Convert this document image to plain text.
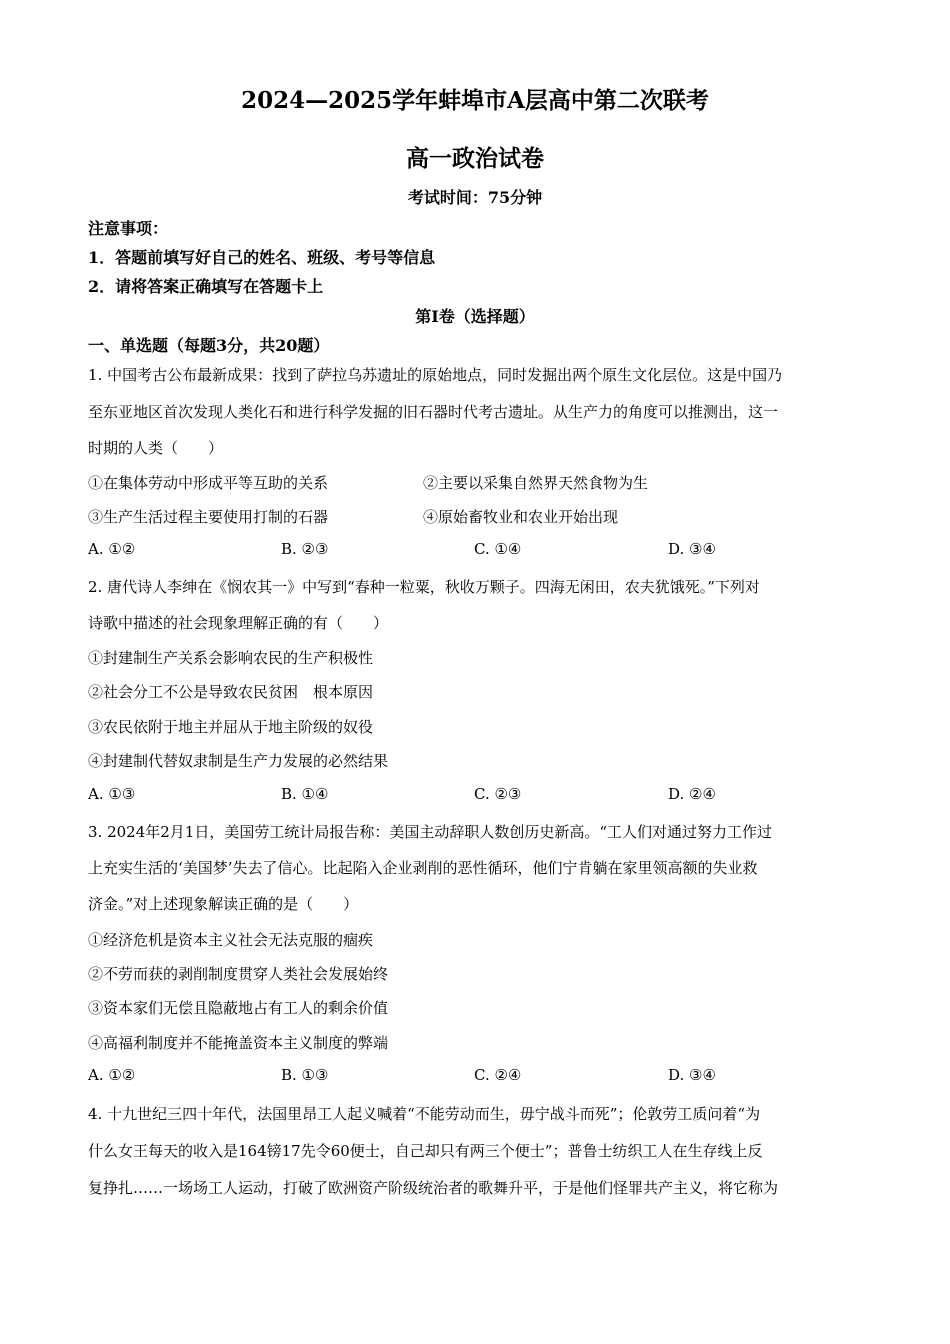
2024—2025学年蚌埠市A层高中第二次联考
高一政治试卷
考试时间：75分钟
注意事项：
1．答题前填写好自己的姓名、班级、考号等信息
2．请将答案正确填写在答题卡上
第Ⅰ卷（选择题）
一、单选题（每题3分，共20题）
1. 中国考古公布最新成果：找到了萨拉乌苏遗址的原始地点，同时发掘出两个原生文化层位。这是中国乃
至东亚地区首次发现人类化石和进行科学发掘的旧石器时代考古遗址。从生产力的角度可以推测出，这一
时期的人类（　　）
①在集体劳动中形成平等互助的关系	②主要以采集自然界天然食物为生
③生产生活过程主要使用打制的石器	④原始畜牧业和农业开始出现
A. ①②	B. ②③	C. ①④	D. ③④
2. 唐代诗人李绅在《悯农其一》中写到“春种一粒粟，秋收万颗子。四海无闲田，农夫犹饿死。”下列对
诗歌中描述的社会现象理解正确的有（　　）
①封建制生产关系会影响农民的生产积极性
②社会分工不公是导致农民贫困　根本原因
③农民依附于地主并屈从于地主阶级的奴役
④封建制代替奴隶制是生产力发展的必然结果
A. ①③	B. ①④	C. ②③	D. ②④
3. 2024年2月1日，美国劳工统计局报告称：美国主动辞职人数创历史新高。“工人们对通过努力工作过
上充实生活的‘美国梦’失去了信心。比起陷入企业剥削的恶性循环，他们宁肯躺在家里领高额的失业救
济金。”对上述现象解读正确的是（　　）
①经济危机是资本主义社会无法克服的痼疾
②不劳而获的剥削制度贯穿人类社会发展始终
③资本家们无偿且隐蔽地占有工人的剩余价值
④高福利制度并不能掩盖资本主义制度的弊端
A. ①②	B. ①③	C. ②④	D. ③④
4. 十九世纪三四十年代，法国里昂工人起义喊着“不能劳动而生，毋宁战斗而死”；伦敦劳工质问着“为
什么女王每天的收入是164镑17先令60便士，自己却只有两三个便士”；普鲁士纺织工人在生存线上反
复挣扎……一场场工人运动，打破了欧洲资产阶级统治者的歌舞升平，于是他们怪罪共产主义，将它称为
